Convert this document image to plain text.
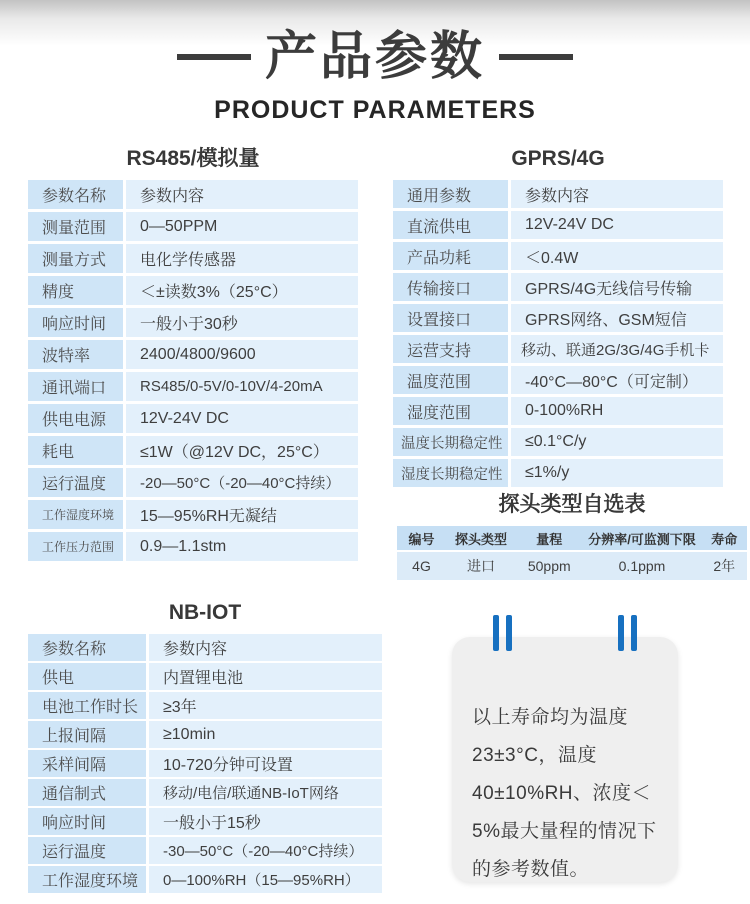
产品参数
PRODUCT PARAMETERS
RS485/模拟量
参数名称	参数内容
测量范围	0—50PPM
测量方式	电化学传感器
精度	＜±读数3%（25°C）
响应时间	一般小于30秒
波特率	2400/4800/9600
通讯端口	RS485/0-5V/0-10V/4-20mA
供电电源	12V-24V DC
耗电	≤1W（@12V DC，25°C）
运行温度	-20—50°C（-20—40°C持续）
工作湿度环境	15—95%RH无凝结
工作压力范围	0.9—1.1stm
GPRS/4G
通用参数	参数内容
直流供电	12V-24V DC
产品功耗	＜0.4W
传输接口	GPRS/4G无线信号传输
设置接口	GPRS网络、GSM短信
运营支持	移动、联通2G/3G/4G手机卡
温度范围	-40°C—80°C（可定制）
湿度范围	0-100%RH
温度长期稳定性	≤0.1°C/y
湿度长期稳定性	≤1%/y
探头类型自选表
编号	探头类型	量程	分辨率/可监测下限	寿命
4G	进口	50ppm	0.1ppm	2年
NB-IOT
参数名称	参数内容
供电	内置锂电池
电池工作时长	≥3年
上报间隔	≥10min
采样间隔	10-720分钟可设置
通信制式	移动/电信/联通NB-IoT网络
响应时间	一般小于15秒
运行温度	-30—50°C（-20—40°C持续）
工作湿度环境	0—100%RH（15—95%RH）
以上寿命均为温度23±3°C，温度40±10%RH、浓度＜5%最大量程的情况下的参考数值。
